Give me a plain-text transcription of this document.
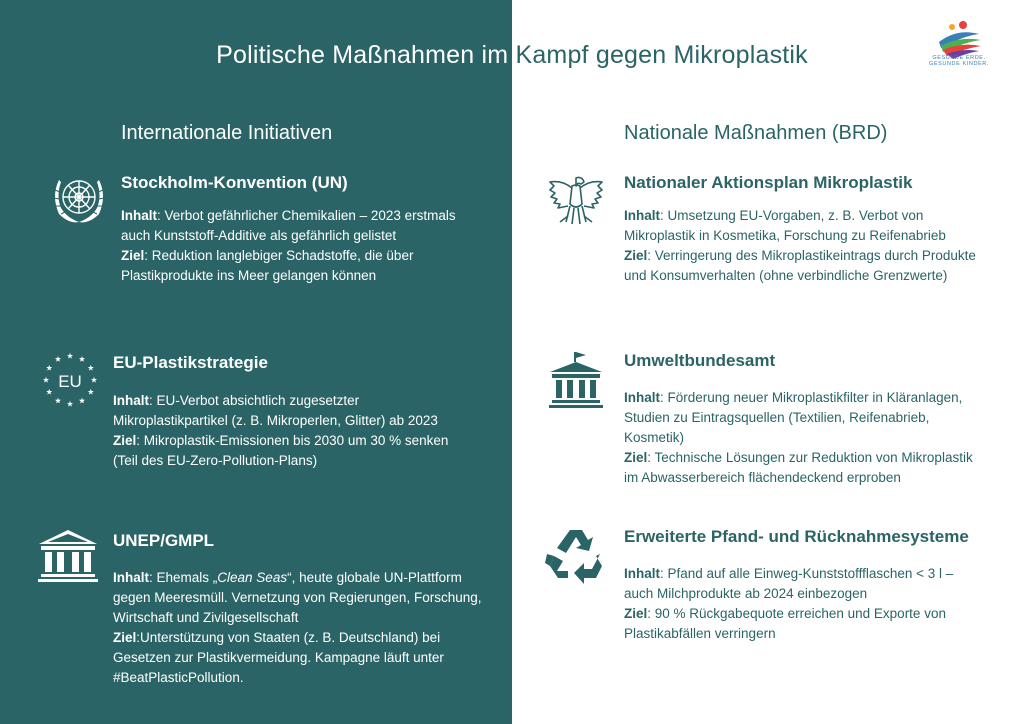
Politische Maßnahmen im Kampf gegen Mikroplastik	GESUNDE ERDE.
GESUNDE KINDER.
Internationale Initiativen	Nationale Maßnahmen (BRD)
Stockholm-Konvention (UN)

Inhalt: Verbot gefährlicher Chemikalien – 2023 erstmals auch Kunststoff-Additive als gefährlich gelistet
Ziel: Reduktion langlebiger Schadstoffe, die über Plastikprodukte ins Meer gelangen können

EU
EU-Plastikstrategie

Inhalt: EU-Verbot absichtlich zugesetzter Mikroplastikpartikel (z. B. Mikroperlen, Glitter) ab 2023
Ziel: Mikroplastik-Emissionen bis 2030 um 30 % senken (Teil des EU-Zero-Pollution-Plans)

UNEP/GMPL

Inhalt: Ehemals „Clean Seas“, heute globale UN-Plattform gegen Meeresmüll. Vernetzung von Regierungen, Forschung, Wirtschaft und Zivilgesellschaft
Ziel:Unterstützung von Staaten (z. B. Deutschland) bei Gesetzen zur Plastikvermeidung. Kampagne läuft unter #BeatPlasticPollution.

Nationaler Aktionsplan Mikroplastik

Inhalt: Umsetzung EU-Vorgaben, z. B. Verbot von Mikroplastik in Kosmetika, Forschung zu Reifenabrieb
Ziel: Verringerung des Mikroplastikeintrags durch Produkte und Konsumverhalten (ohne verbindliche Grenzwerte)

Umweltbundesamt

Inhalt: Förderung neuer Mikroplastikfilter in Kläranlagen, Studien zu Eintragsquellen (Textilien, Reifenabrieb, Kosmetik)
Ziel: Technische Lösungen zur Reduktion von Mikroplastik im Abwasserbereich flächendeckend erproben

Erweiterte Pfand- und Rücknahmesysteme

Inhalt: Pfand auf alle Einweg-Kunststoffflaschen < 3 l – auch Milchprodukte ab 2024 einbezogen
Ziel: 90 % Rückgabequote erreichen und Exporte von Plastikabfällen verringern
